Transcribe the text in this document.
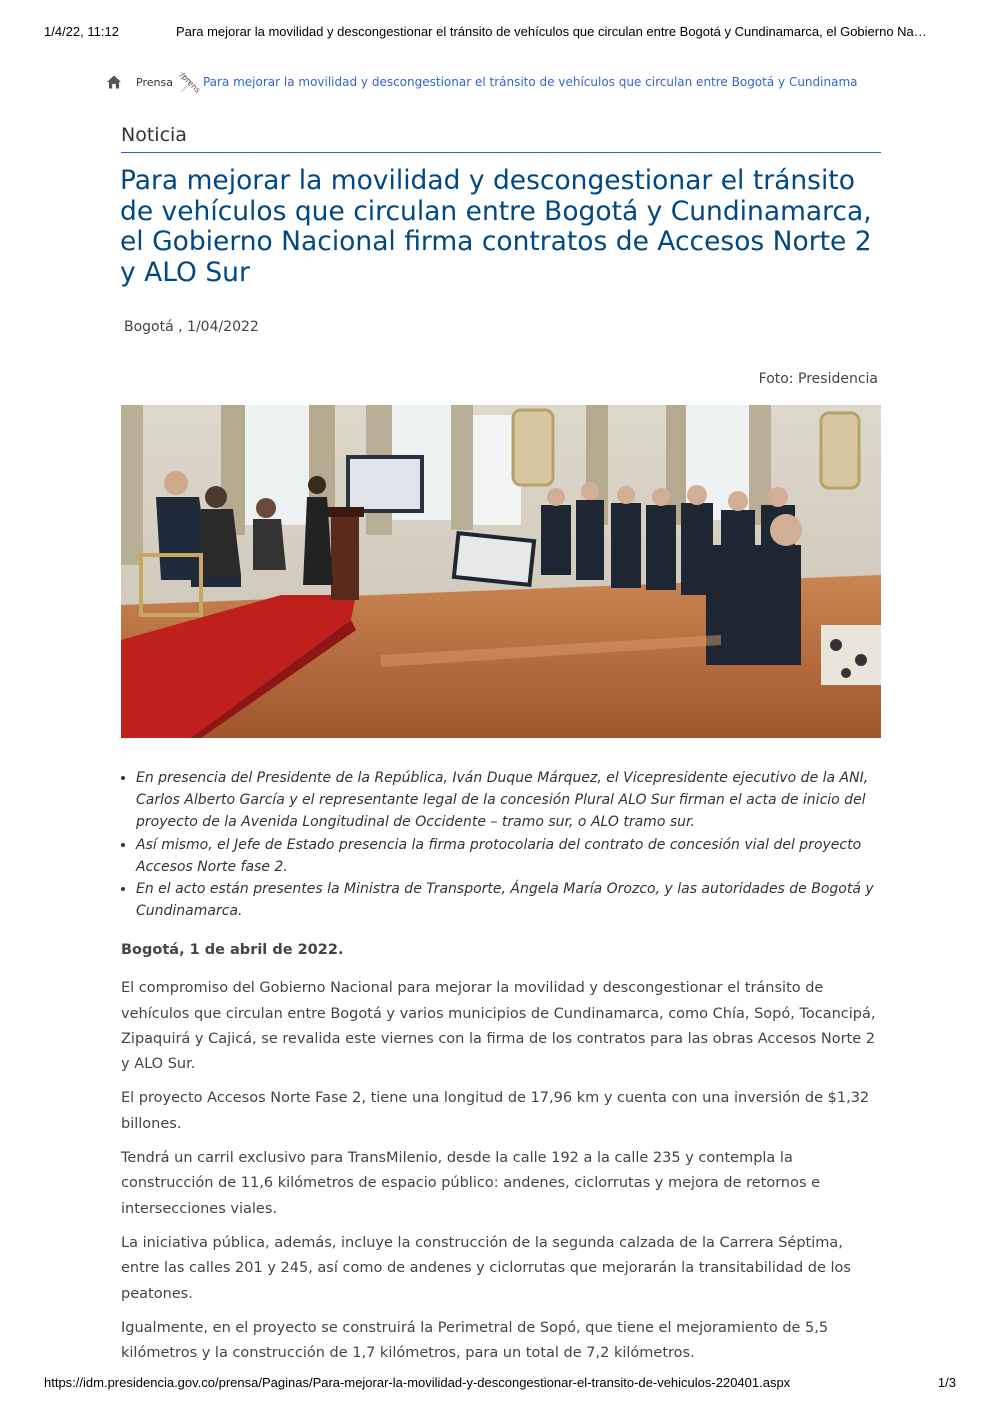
1/4/22, 11:12	Para mejorar la movilidad y descongestionar el tránsito de vehículos que circulan entre Bogotá y Cundinamarca, el Gobierno Na…
Prensa /prens Para mejorar la movilidad y descongestionar el tránsito de vehículos que circulan entre Bogotá y Cundinama
Noticia
Para mejorar la movilidad y descongestionar el tránsito de vehículos que circulan entre Bogotá y Cundinamarca, el Gobierno Nacional firma contratos de Accesos Norte 2 y ALO Sur
Bogotá , 1/04/2022
Foto: Presidencia
• En presencia del Presidente de la República, Iván Duque Márquez, el Vicepresidente ejecutivo de la ANI, Carlos Alberto García y el representante legal de la concesión Plural ALO Sur firman el acta de inicio del proyecto de la Avenida Longitudinal de Occidente – tramo sur, o ALO tramo sur.
• Así mismo, el Jefe de Estado presencia la firma protocolaria del contrato de concesión vial del proyecto Accesos Norte fase 2.
• En el acto están presentes la Ministra de Transporte, Ángela María Orozco, y las autoridades de Bogotá y Cundinamarca.

Bogotá, 1 de abril de 2022.

El compromiso del Gobierno Nacional para mejorar la movilidad y descongestionar el tránsito de vehículos que circulan entre Bogotá y varios municipios de Cundinamarca, como Chía, Sopó, Tocancipá, Zipaquirá y Cajicá, se revalida este viernes con la firma de los contratos para las obras Accesos Norte 2 y ALO Sur.

El proyecto Accesos Norte Fase 2, tiene una longitud de 17,96 km y cuenta con una inversión de $1,32 billones.

Tendrá un carril exclusivo para TransMilenio, desde la calle 192 a la calle 235 y contempla la construcción de 11,6 kilómetros de espacio público: andenes, ciclorrutas y mejora de retornos e intersecciones viales.

La iniciativa pública, además, incluye la construcción de la segunda calzada de la Carrera Séptima, entre las calles 201 y 245, así como de andenes y ciclorrutas que mejorarán la transitabilidad de los peatones.

Igualmente, en el proyecto se construirá la Perimetral de Sopó, que tiene el mejoramiento de 5,5 kilómetros y la construcción de 1,7 kilómetros, para un total de 7,2 kilómetros.

https://idm.presidencia.gov.co/prensa/Paginas/Para-mejorar-la-movilidad-y-descongestionar-el-transito-de-vehiculos-220401.aspx	1/3
